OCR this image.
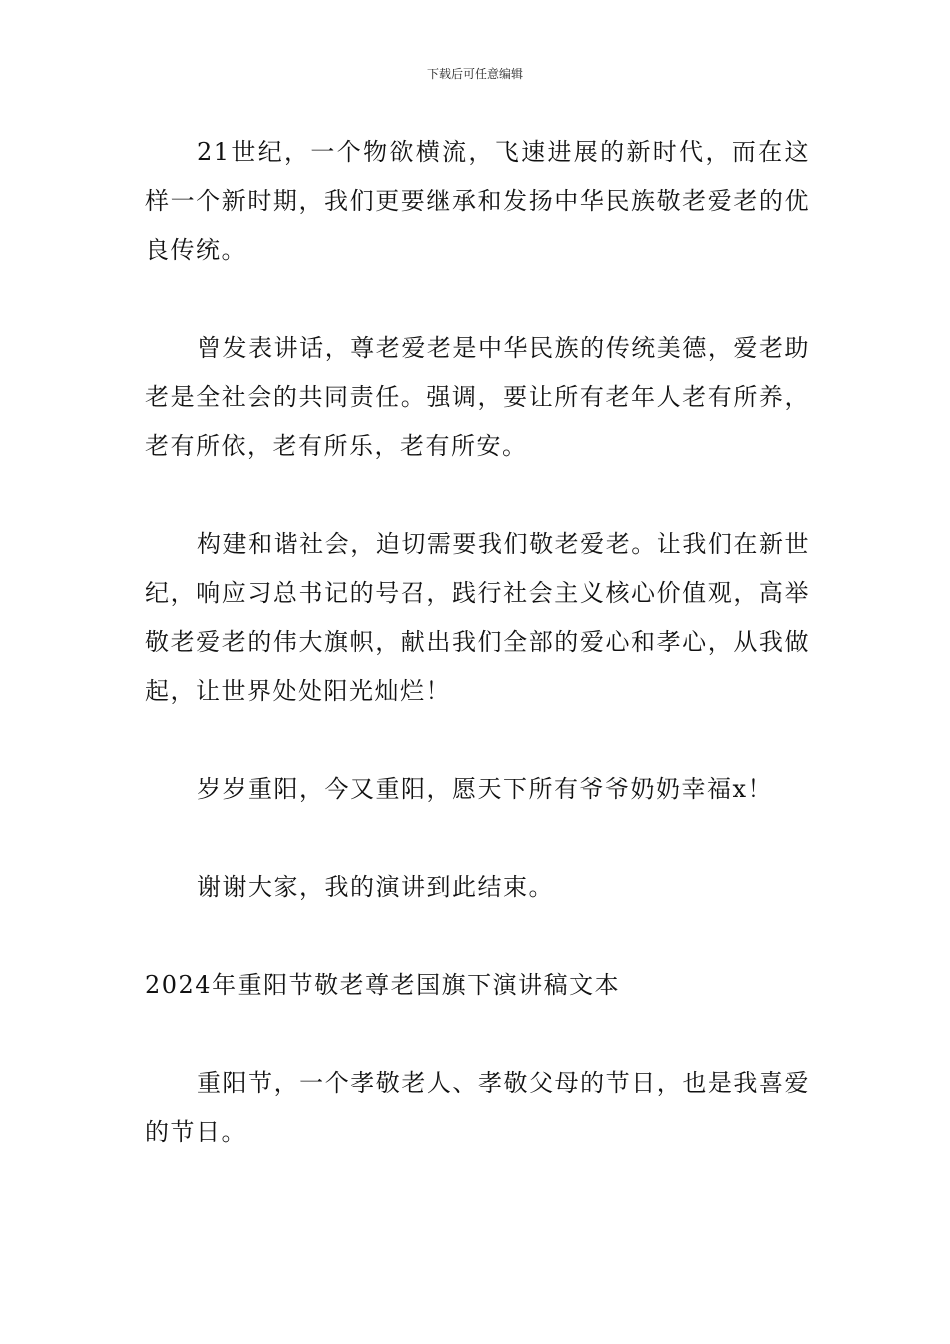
下载后可任意编辑

21世纪，一个物欲横流，飞速进展的新时代，而在这样一个新时期，我们更要继承和发扬中华民族敬老爱老的优良传统。

曾发表讲话，尊老爱老是中华民族的传统美德，爱老助老是全社会的共同责任。强调，要让所有老年人老有所养，老有所依，老有所乐，老有所安。

构建和谐社会，迫切需要我们敬老爱老。让我们在新世纪，响应习总书记的号召，践行社会主义核心价值观，高举敬老爱老的伟大旗帜，献出我们全部的爱心和孝心，从我做起，让世界处处阳光灿烂！

岁岁重阳，今又重阳，愿天下所有爷爷奶奶幸福x！

谢谢大家，我的演讲到此结束。

2024年重阳节敬老尊老国旗下演讲稿文本

重阳节，一个孝敬老人、孝敬父母的节日，也是我喜爱的节日。
